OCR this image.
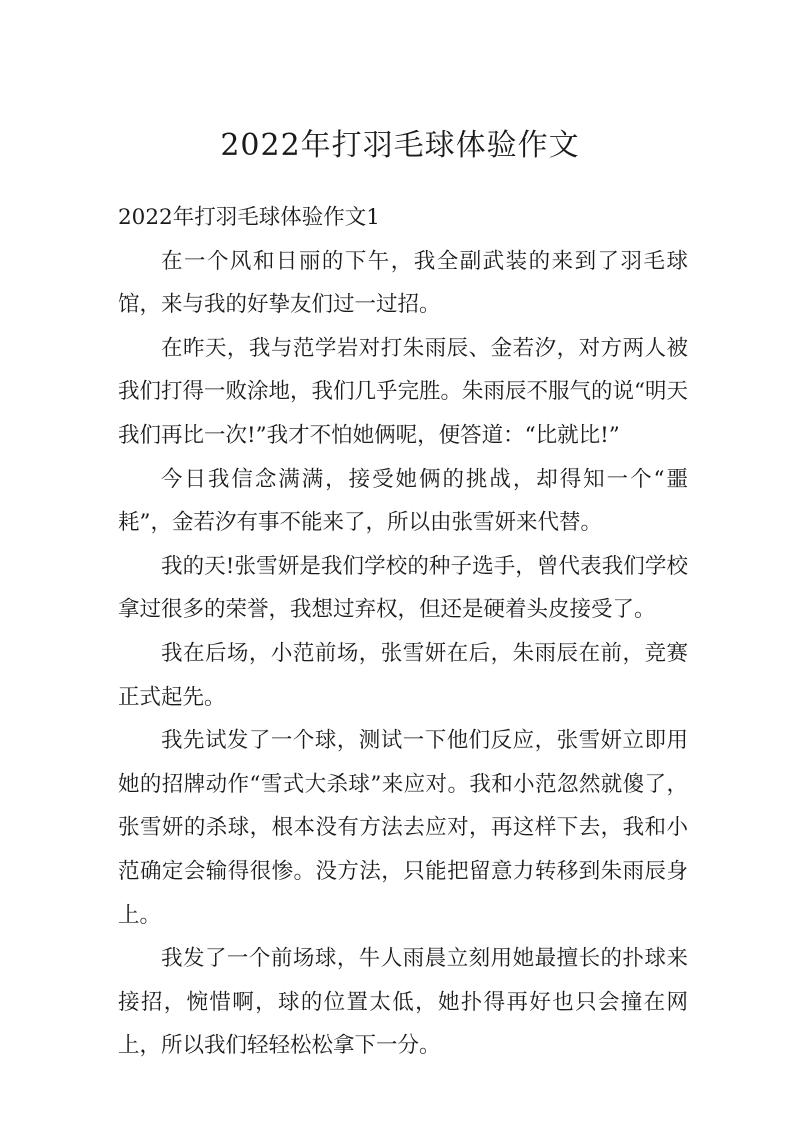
2022年打羽毛球体验作文

2022年打羽毛球体验作文1

在一个风和日丽的下午，我全副武装的来到了羽毛球馆，来与我的好挚友们过一过招。

在昨天，我与范学岩对打朱雨辰、金若汐，对方两人被我们打得一败涂地，我们几乎完胜。朱雨辰不服气的说“明天我们再比一次!”我才不怕她俩呢，便答道：“比就比!”

今日我信念满满，接受她俩的挑战，却得知一个“噩耗”，金若汐有事不能来了，所以由张雪妍来代替。

我的天!张雪妍是我们学校的种子选手，曾代表我们学校拿过很多的荣誉，我想过弃权，但还是硬着头皮接受了。

我在后场，小范前场，张雪妍在后，朱雨辰在前，竞赛正式起先。

我先试发了一个球，测试一下他们反应，张雪妍立即用她的招牌动作“雪式大杀球”来应对。我和小范忽然就傻了，张雪妍的杀球，根本没有方法去应对，再这样下去，我和小范确定会输得很惨。没方法，只能把留意力转移到朱雨辰身上。

我发了一个前场球，牛人雨晨立刻用她最擅长的扑球来接招，惋惜啊，球的位置太低，她扑得再好也只会撞在网上，所以我们轻轻松松拿下一分。
